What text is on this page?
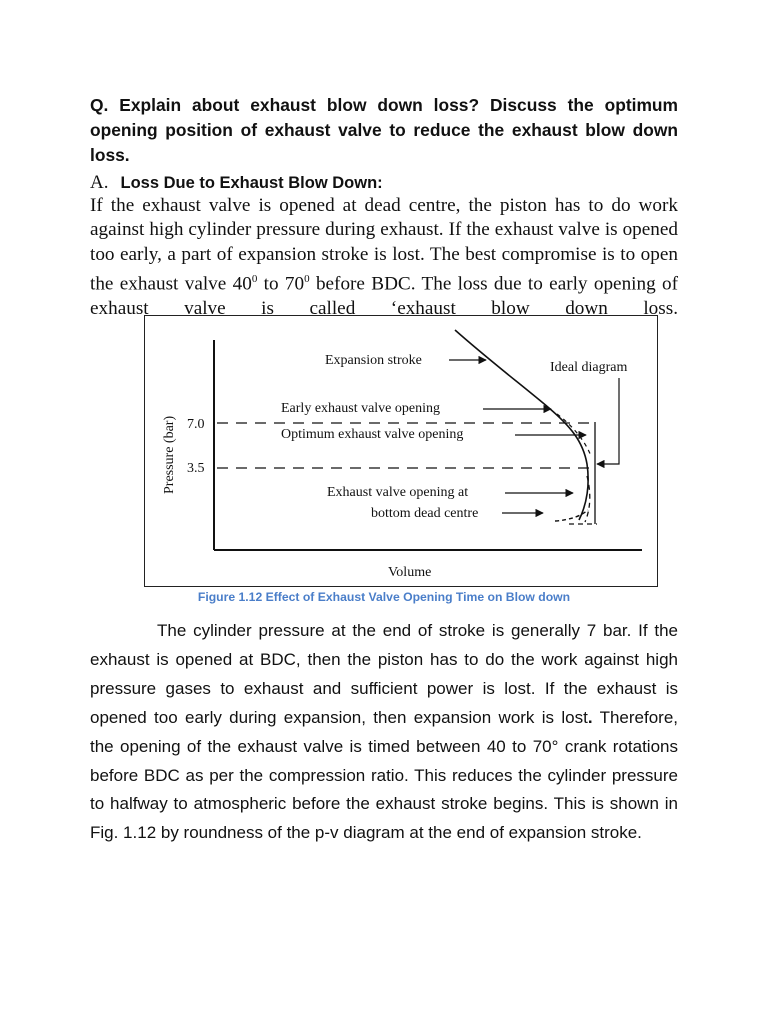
Q. Explain about exhaust blow down loss? Discuss the optimum opening position of exhaust valve to reduce the exhaust blow down loss.

A. Loss Due to Exhaust Blow Down:

If the exhaust valve is opened at dead centre, the piston has to do work against high cylinder pressure during exhaust. If the exhaust valve is opened too early, a part of expansion stroke is lost. The best compromise is to open the exhaust valve $40^0$ to $70^0$ before BDC. The loss due to early opening of exhaust valve is called ‘exhaust blow down loss.

Pressure (bar) 7.0
3.5
Expansion stroke	Ideal diagram
Early exhaust valve opening
Optimum exhaust valve opening
Exhaust valve opening at
bottom dead centre
Volume

Figure 1.12 Effect of Exhaust Valve Opening Time on Blow down

The cylinder pressure at the end of stroke is generally 7 bar. If the exhaust is opened at BDC, then the piston has to do the work against high pressure gases to exhaust and sufficient power is lost. If the exhaust is opened too early during expansion, then expansion work is lost. Therefore, the opening of the exhaust valve is timed between 40 to 70° crank rotations before BDC as per the compression ratio. This reduces the cylinder pressure to halfway to atmospheric before the exhaust stroke begins. This is shown in Fig. 1.12 by roundness of the p-v diagram at the end of expansion stroke.
